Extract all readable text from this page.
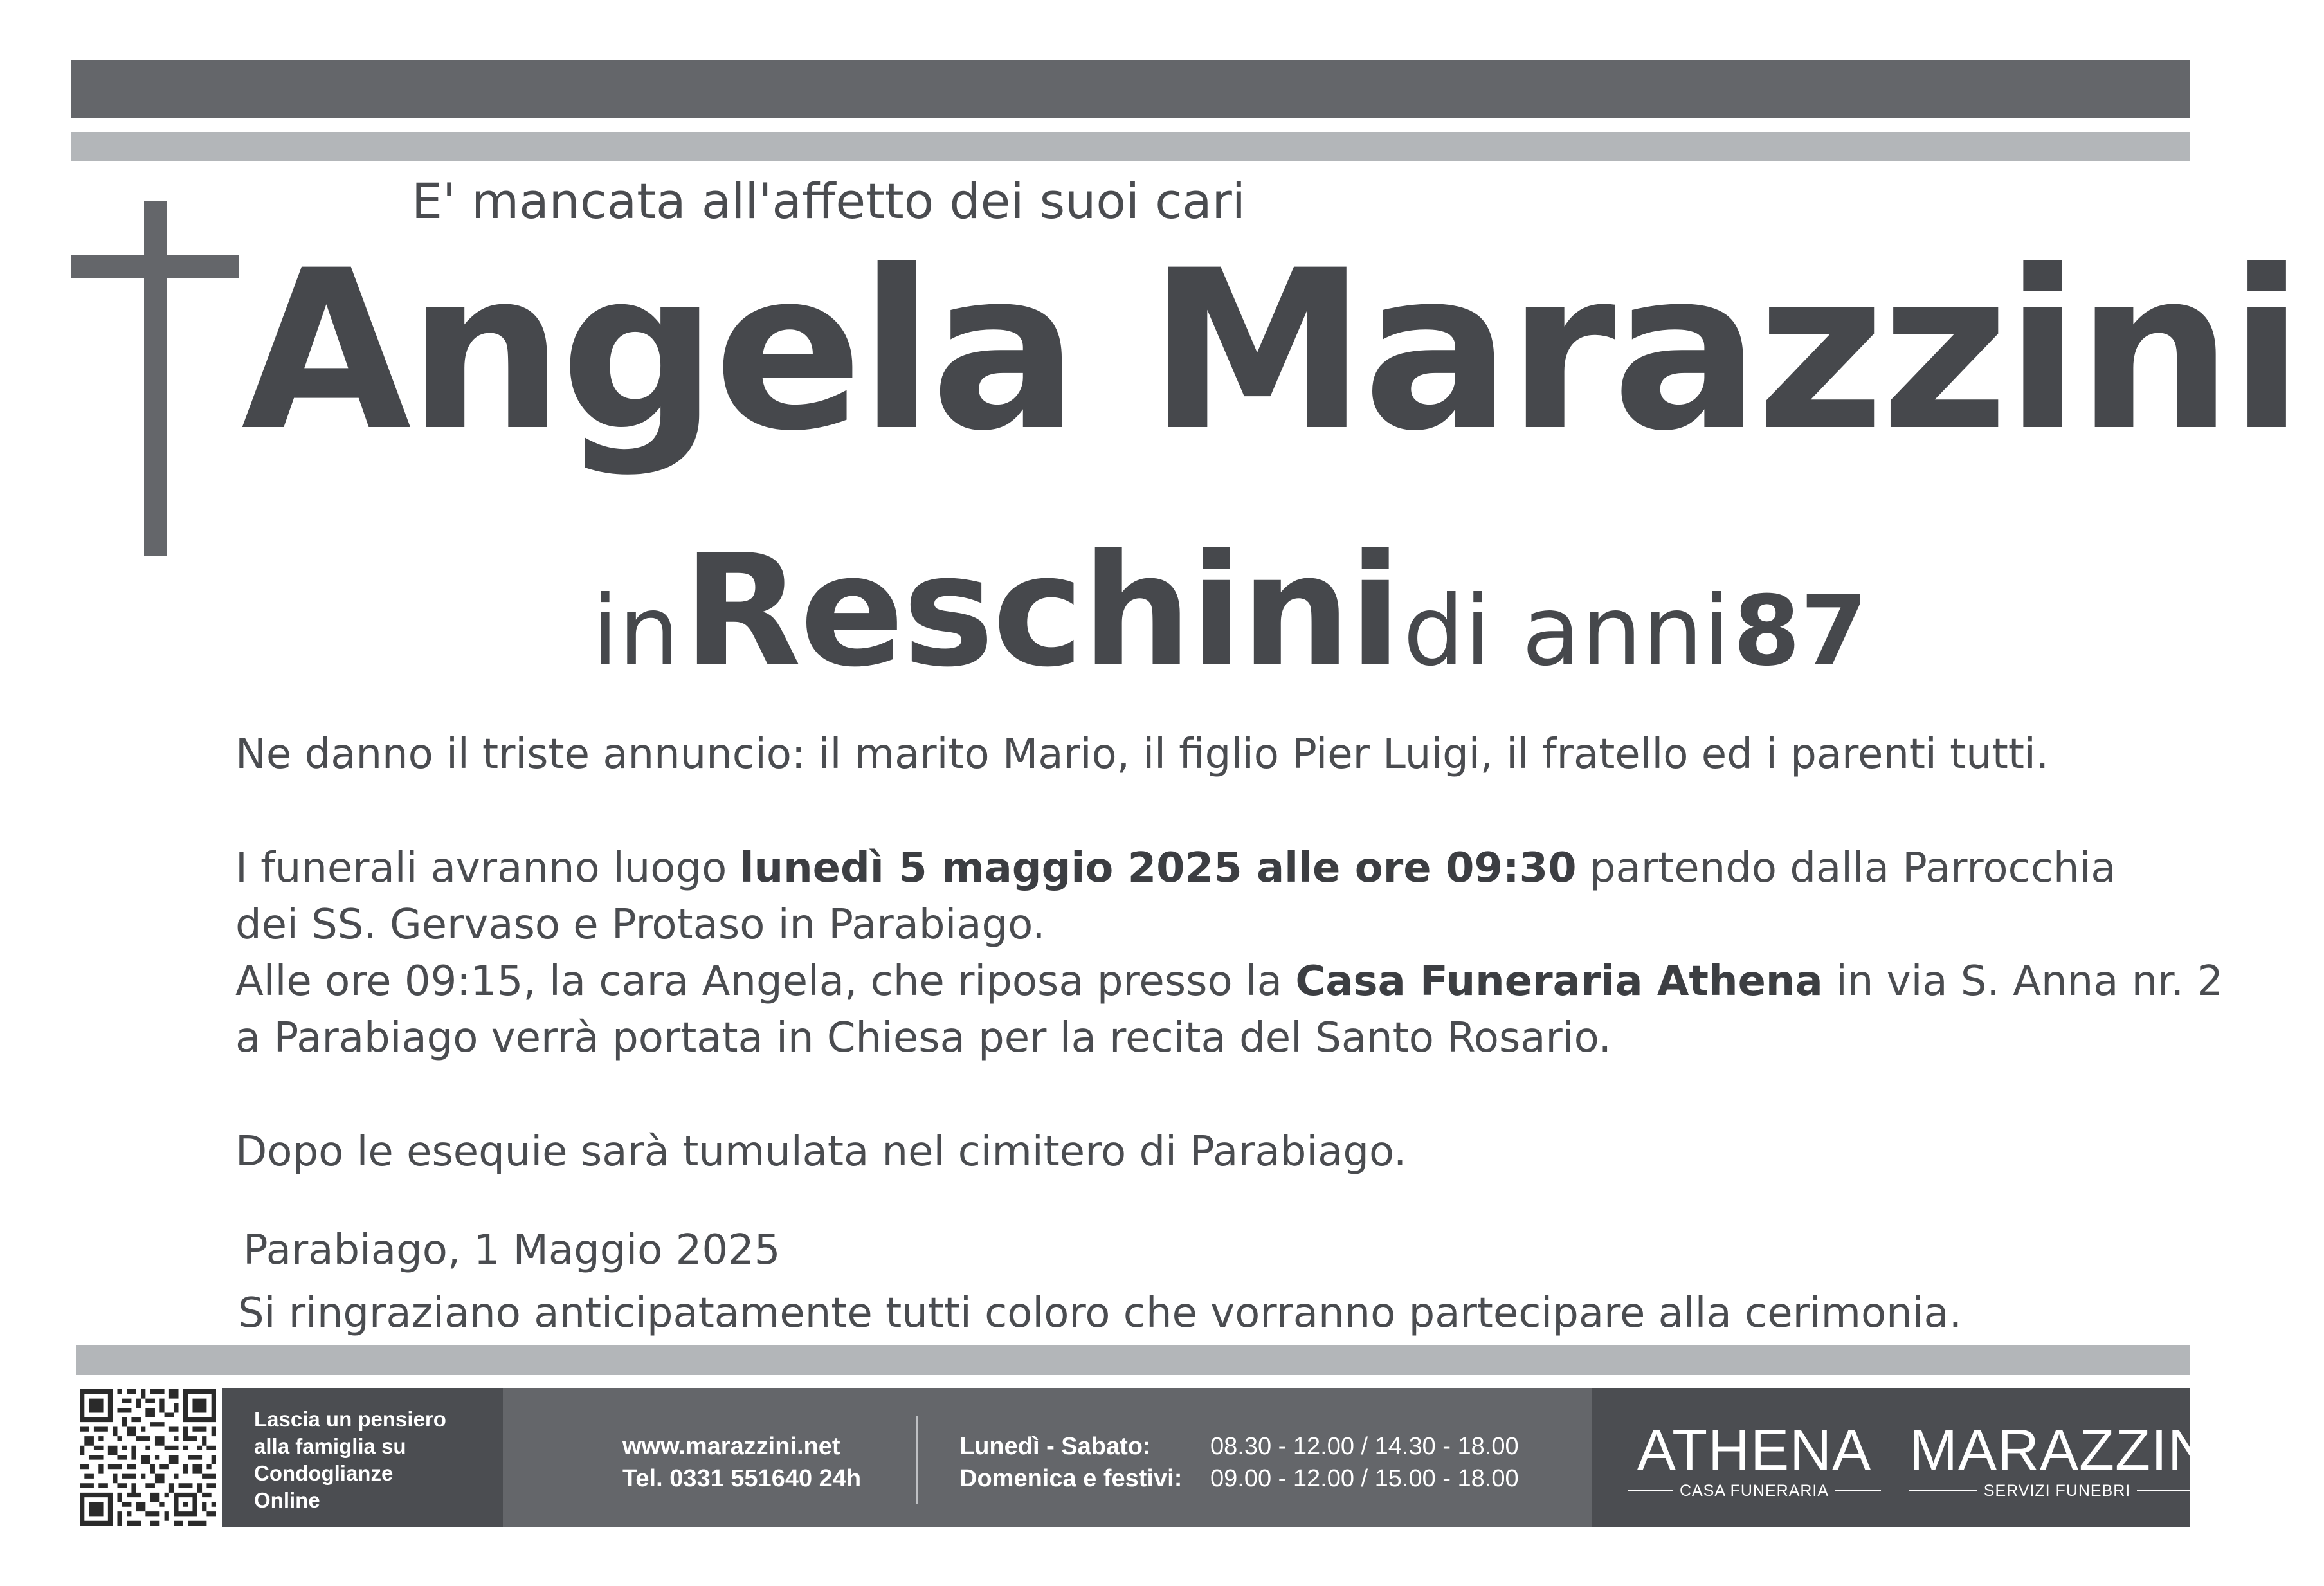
E' mancata all'affetto dei suoi cari
Angela Marazzini
in Reschini di anni 87
Ne danno il triste annuncio: il marito Mario, il figlio Pier Luigi, il fratello ed i parenti tutti.
I funerali avranno luogo lunedì 5 maggio 2025 alle ore 09:30 partendo dalla Parrocchia
dei SS. Gervaso e Protaso in Parabiago.
Alle ore 09:15, la cara Angela, che riposa presso la Casa Funeraria Athena in via S. Anna nr. 2
a Parabiago verrà portata in Chiesa per la recita del Santo Rosario.
Dopo le esequie sarà tumulata nel cimitero di Parabiago.
Parabiago, 1 Maggio 2025
Si ringraziano anticipatamente tutti coloro che vorranno partecipare alla cerimonia.
Lascia un pensiero
alla famiglia su
Condoglianze
Online
www.marazzini.net
Tel. 0331 551640 24h
Lunedì - Sabato:
Domenica e festivi:
08.30 - 12.00 / 14.30 - 18.00
09.00 - 12.00 / 15.00 - 18.00 ATHENA
CASA FUNERARIA
MARAZZINI
SERVIZI FUNEBRI
